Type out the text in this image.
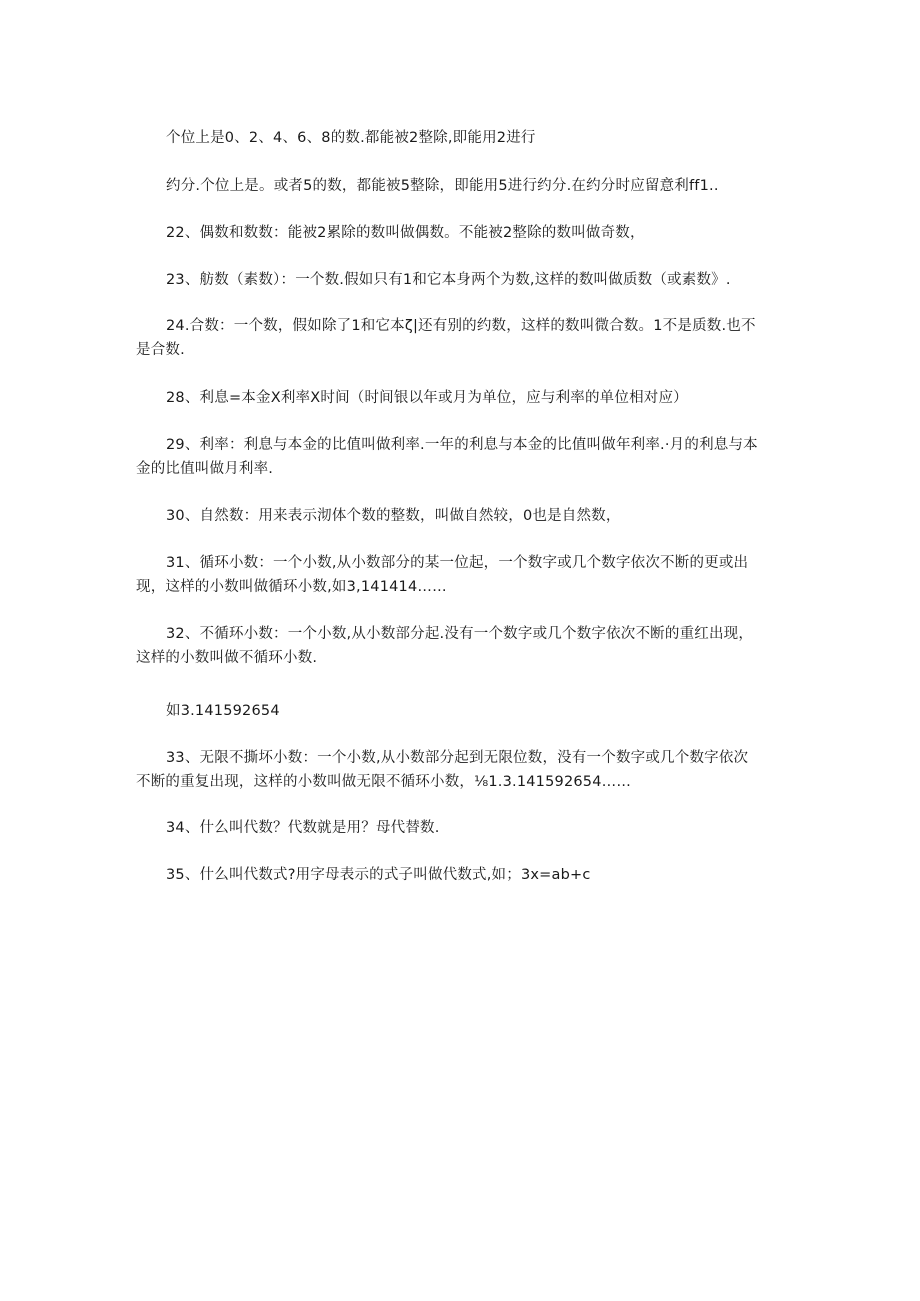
个位上是0、2、4、6、8的数.都能被2整除,即能用2进行
约分.个位上是。或者5的数，都能被5整除，即能用5进行约分.在约分时应留意利ff1..
22、偶数和数数：能被2累除的数叫做偶数。不能被2整除的数叫做奇数，
23、舫数（素数）：一个数.假如只有1和它本身两个为数,这样的数叫做质数（或素数》.
24.合数：一个数，假如除了1和它本ζ|还有别的约数，这样的数叫微合数。1不是质数.也不
是合数.
28、利息=本金X利率X时间（时间银以年或月为单位，应与利率的单位相对应）
29、利率：利息与本金的比值叫做利率.一年的利息与本金的比值叫做年利率.·月的利息与本
金的比值叫做月利率.
30、自然数：用来表示沏体个数的整数，叫做自然较，0也是自然数，
31、循环小数：一个小数,从小数部分的某一位起，一个数字或几个数字依次不断的更或出
现，这样的小数叫做循环小数,如3,141414……
32、不循环小数：一个小数,从小数部分起.没有一个数字或几个数字依次不断的重红出现，
这样的小数叫做不循环小数.
如3.141592654
33、无限不撕坏小数：一个小数,从小数部分起到无限位数，没有一个数字或几个数字依次
不断的重复出现，这样的小数叫做无限不循环小数，⅛1.3.141592654……
34、什么叫代数？代数就是用？母代替数.
35、什么叫代数式?用字母表示的式子叫做代数式,如；3x=ab+c
